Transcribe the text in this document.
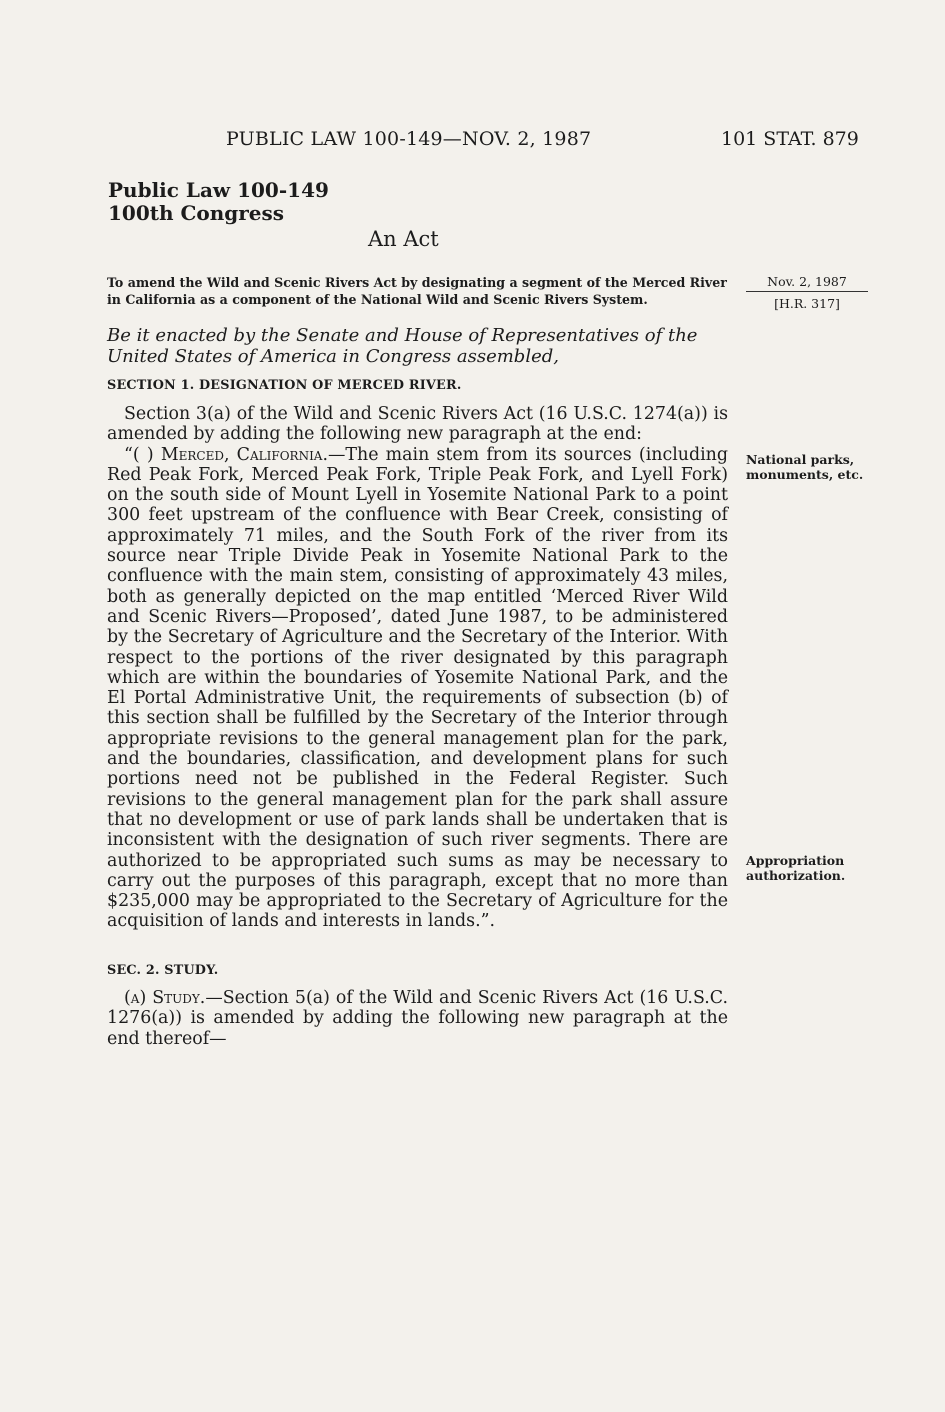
PUBLIC LAW 100-149—NOV. 2, 1987	101 STAT. 879
Public Law 100-149
100th Congress
An Act
To amend the Wild and Scenic Rivers Act by designating a segment of the Merced River in California as a component of the National Wild and Scenic Rivers System.
Nov. 2, 1987
[H.R. 317]
Be it enacted by the Senate and House of Representatives of the United States of America in Congress assembled,
SECTION 1. DESIGNATION OF MERCED RIVER.

Section 3(a) of the Wild and Scenic Rivers Act (16 U.S.C. 1274(a)) is amended by adding the following new paragraph at the end:

“( ) Merced, California.—The main stem from its sources (including Red Peak Fork, Merced Peak Fork, Triple Peak Fork, and Lyell Fork) on the south side of Mount Lyell in Yosemite National Park to a point 300 feet upstream of the confluence with Bear Creek, consisting of approximately 71 miles, and the South Fork of the river from its source near Triple Divide Peak in Yosemite National Park to the confluence with the main stem, consisting of approximately 43 miles, both as generally depicted on the map entitled ‘Merced River Wild and Scenic Rivers—Proposed’, dated June 1987, to be administered by the Secretary of Agriculture and the Secretary of the Interior. With respect to the portions of the river designated by this paragraph which are within the boundaries of Yosemite National Park, and the El Portal Administrative Unit, the requirements of subsection (b) of this section shall be fulfilled by the Secretary of the Interior through appropriate revisions to the general management plan for the park, and the boundaries, classification, and development plans for such portions need not be published in the Federal Register. Such revisions to the general management plan for the park shall assure that no development or use of park lands shall be undertaken that is inconsistent with the designation of such river segments. There are authorized to be appropriated such sums as may be necessary to carry out the purposes of this paragraph, except that no more than $235,000 may be appropriated to the Secretary of Agriculture for the acquisition of lands and interests in lands.”.

National parks, monuments, etc.
Appropriation authorization.
SEC. 2. STUDY.

(a) Study.—Section 5(a) of the Wild and Scenic Rivers Act (16 U.S.C. 1276(a)) is amended by adding the following new paragraph at the end thereof—
